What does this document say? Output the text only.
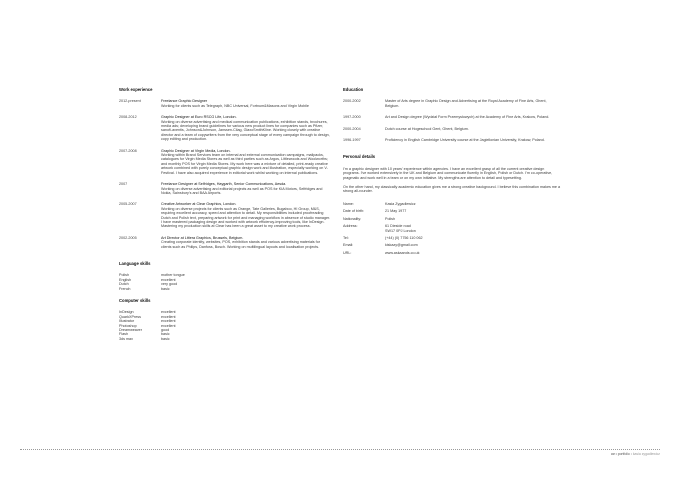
Work experience
2012-present	Freelance Graphic Designer
Working for clients such as Telegraph, NBC Universal, Fortnum&Masons and Virgin Mobile
2008-2012	Graphic Designer at Euro RSCG Life, London.
Working on diverse advertising and medical communication publications, exhibition stands, brochures, media ads; developing brand guidelines for various new product lines for companies such as Pfizer, sanofi-aventis, Johnson&Johnson, Janssen-Cilag, GlaxoSmithKline. Working closely with creative director and a team of copywriters from the very conceptual stage of every campaign through to design, copy editing and production.
2007-2008	Graphic Designer at Virgin Media, London.
Working within Brand Services team on internal and external communication campaigns, mailpacks, catalogues for Virgin Media Stores as well as third parties such as Argos, Littlewoods and Woolworths; and monthly POS for Virgin Media Stores. My work here was a mixture of detailed, print-ready creative artwork combined with purely conceptual graphic design work and illustration, especially working on V-Festival. I have also acquired experience in editorial work whilst working on internal publications.
2007	Freelance Designer at Selfridges, Haygarth, Senior Communications, Aesda.
Working on diverse advertising and editorial projects as well as POS for KIA Motors, Selfridges and Nokia, Sainsbury's and BAA Airports.
2005-2007	Creative Artworker at Clear Graphics, London.
Working on diverse projects for clients such as Orange, Tate Galleries, Bugaboo, HI Group, M&S, requiring excellent accuracy, speed and attention to detail. My responsibilities included proofreading Dutch and Polish text, preparing artwork for print and managing workflow in absence of studio manager. I have mastered packaging design and worked with artwork efficiency-improving tools, like InDesign. Mastering my production skills at Clear has been a great asset to my creative work process.
2002-2005	Art Director at Littera Graphics, Brussels, Belgium.
Creating corporate identity, websites, POS, exhibition stands and various advertising materials for clients such as Philips, Danfoss, Bosch. Working on multilingual layouts and localisation projects.
Language skills
Polish	mother tongue
English	excellent
Dutch	very good
French	basic
Computer skills
InDesign	excellent
QuarkXPress	excellent
Illustrator	excellent
Photoshop	excellent
Dreamweaver	good
Flash	basic
3ds max	basic
Education
2000-2002	Master of Arts degree in Graphic Design and Advertising at the Royal Academy of Fine Arts, Ghent, Belgium.
1997-2000	Art and Design degree (Wydział Form Przemysłowych) at the Academy of Fine Arts, Krakow, Poland.
2000-2004	Dutch course at Hogeschool Gent, Ghent, Belgium.
1996-1997	Proficiency in English Cambridge University course at the Jagiellonian University, Krakow, Poland.
Personal details

I'm a graphic designer with 10 years' experience within agencies. I have an excellent grasp of all the current creative design programs. I've worked extensively in the UK and Belgium and communicate fluently in English, Polish or Dutch. I'm co-operative, pragmatic and work well in a team or on my own initiative. My strengths are attention to detail and typesetting.

On the other hand, my classically academic education gives me a strong creative background. I believe this combination makes me a strong all-rounder.

Name:	Kasia Zygadlewicz
Date of birth:	21 May 1977
Nationality:	Polish
Address:	61 Dieside road
SW17 0PJ London
Tel:	(+44) (0) 7756 110 062
Email:	kiskazy@gmail.com
URL:	www.askaands.co.uk
cv • portfolio • kasia zygadlewicz
